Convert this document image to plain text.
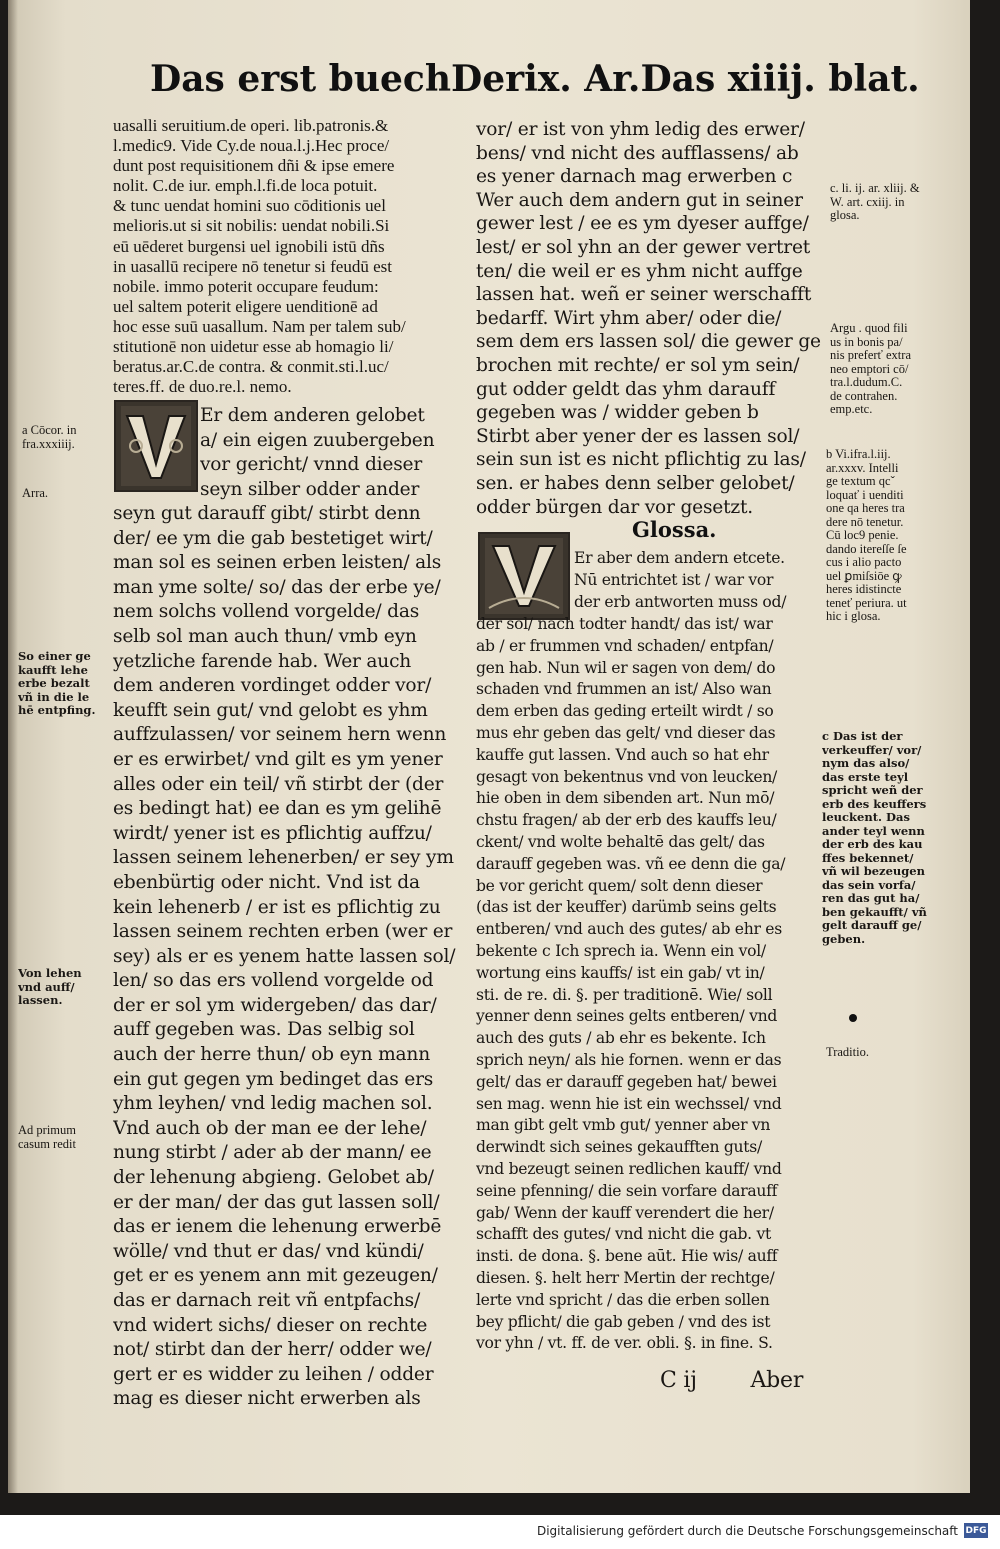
Das erst buech Der ix. Ar. Das xiiij. blat.
uasalli seruitium.de operi. lib.patronis.&
l.medic9. Vide Cy.de noua.l.j.Hec proce/
dunt post requisitionem dñi & ipse emere
nolit. C.de iur. emph.l.fi.de loca potuit.
& tunc uendat homini suo cōditionis uel
melioris.ut si sit nobilis: uendat nobili.Si
eū uēderet burgensi uel ignobili istū dñs
in uasallū recipere nō tenetur si feudū est
nobile. immo poterit occupare feudum:
uel saltem poterit eligere uenditionē ad
hoc esse suū uasallum. Nam per talem sub/
stitutionē non uidetur esse ab homagio li/
beratus.ar.C.de contra. & conmit.sti.l.uc/
teres.ff. de duo.re.l. nemo.
Er dem anderen gelobet
a/ ein eigen zuubergeben
vor gericht/ vnnd dieser
seyn silber odder ander
seyn gut darauff gibt/ stirbt denn
der/ ee ym die gab bestetiget wirt/
man sol es seinen erben leisten/ als
man yme solte/ so/ das der erbe ye/
nem solchs vollend vorgelde/ das
selb sol man auch thun/ vmb eyn
yetzliche farende hab. Wer auch
dem anderen vordinget odder vor/
keufft sein gut/ vnd gelobt es yhm
auffzulassen/ vor seinem hern wenn
er es erwirbet/ vnd gilt es ym yener
alles oder ein teil/ vñ stirbt der (der
es bedingt hat) ee dan es ym gelihē
wirdt/ yener ist es pflichtig auffzu/
lassen seinem lehenerben/ er sey ym
ebenbürtig oder nicht. Vnd ist da
kein lehenerb / er ist es pflichtig zu
lassen seinem rechten erben (wer er
sey) als er es yenem hatte lassen sol/
len/ so das ers vollend vorgelde od
der er sol ym widergeben/ das dar/
auff gegeben was. Das selbig sol
auch der herre thun/ ob eyn mann
ein gut gegen ym bedinget das ers
yhm leyhen/ vnd ledig machen sol.
Vnd auch ob der man ee der lehe/
nung stirbt / ader ab der mann/ ee
der lehenung abgieng. Gelobet ab/
er der man/ der das gut lassen soll/
das er ienem die lehenung erwerbē
wölle/ vnd thut er das/ vnd kündi/
get er es yenem ann mit gezeugen/
das er darnach reit vñ entpfachs/
vnd widert sichs/ dieser on rechte
not/ stirbt dan der herr/ odder we/
gert er es widder zu leihen / odder
mag es dieser nicht erwerben als
a Cōcor. in
fra.xxxiiij.
Arra.
So einer ge
kaufft lehe
erbe bezalt
vñ in die le
hē entpfing.
Von lehen
vnd auff/
lassen.
Ad primum
casum redit
vor/ er ist von yhm ledig des erwer/
bens/ vnd nicht des aufflassens/ ab
es yener darnach mag erwerben c
Wer auch dem andern gut in seiner
gewer lest / ee es ym dyeser auffge/
lest/ er sol yhn an der gewer vertret
ten/ die weil er es yhm nicht auffge
lassen hat. weñ er seiner werschafft
bedarff. Wirt yhm aber/ oder die/
sem dem ers lassen sol/ die gewer ge
brochen mit rechte/ er sol ym sein/
gut odder geldt das yhm darauff
gegeben was / widder geben b
Stirbt aber yener der es lassen sol/
sein sun ist es nicht pflichtig zu las/
sen. er habes denn selber gelobet/
odder bürgen dar vor gesetzt.
Glossa.
Er aber dem andern etcete.
Nū entrichtet ist / war vor
der erb antworten muss od/
der sol/ nach todter handt/ das ist/ war
ab / er frummen vnd schaden/ entpfan/
gen hab. Nun wil er sagen von dem/ do
schaden vnd frummen an ist/ Also wan
dem erben das geding erteilt wirdt / so
mus ehr geben das gelt/ vnd dieser das
kauffe gut lassen. Vnd auch so hat ehr
gesagt von bekentnus vnd von leucken/
hie oben in dem sibenden art. Nun mō/
chstu fragen/ ab der erb des kauffs leu/
ckent/ vnd wolte behaltē das gelt/ das
darauff gegeben was. vñ ee denn die ga/
be vor gericht quem/ solt denn dieser
(das ist der keuffer) darümb seins gelts
entberen/ vnd auch des gutes/ ab ehr es
bekente c Ich sprech ia. Wenn ein vol/
wortung eins kauffs/ ist ein gab/ vt in/
sti. de re. di. §. per traditionē. Wie/ soll
yenner denn seines gelts entberen/ vnd
auch des guts / ab ehr es bekente. Ich
sprich neyn/ als hie fornen. wenn er das
gelt/ das er darauff gegeben hat/ bewei
sen mag. wenn hie ist ein wechssel/ vnd
man gibt gelt vmb gut/ yenner aber vn
derwindt sich seines gekaufften guts/
vnd bezeugt seinen redlichen kauff/ vnd
seine pfenning/ die sein vorfare darauff
gab/ Wenn der kauff verendert die her/
schafft des gutes/ vnd nicht die gab. vt
insti. de dona. §. bene aūt. Hie wis/ auff
diesen. §. helt herr Mertin der rechtge/
lerte vnd spricht / das die erben sollen
bey pflicht/ die gab geben / vnd des ist
vor yhn / vt. ff. de ver. obli. §. in fine. S.
C ij Aber
c. li. ij. ar. xliij. &
W. art. cxiij. in
glosa.
Argu . quod fili
us in bonis pa/
nis preferť extra
neo emptori cō/
tra.l.dudum.C.
de contrahen.
emp.etc.
b Vi.ifra.l.iij.
ar.xxxv. Intelli
ge textum qcˇ
loquať i uenditi
one qa heres tra
dere nō tenetur.
Cū loc9 penie.
dando itereſſe ſe
cus i alio pacto
uel ꝑmiſsiōe ꝙ
heres idistincte
teneť periura. ut
hic i glosa.
c Das ist der
verkeuffer/ vor/
nym das also/
das erste teyl
spricht weñ der
erb des keuffers
leuckent. Das
ander teyl wenn
der erb des kau
ffes bekennet/
vñ wil bezeugen
das sein vorfa/
ren das gut ha/
ben gekaufft/ vñ
gelt darauff ge/
geben.
Traditio.
Digitalisierung gefördert durch die Deutsche Forschungsgemeinschaft DFG
